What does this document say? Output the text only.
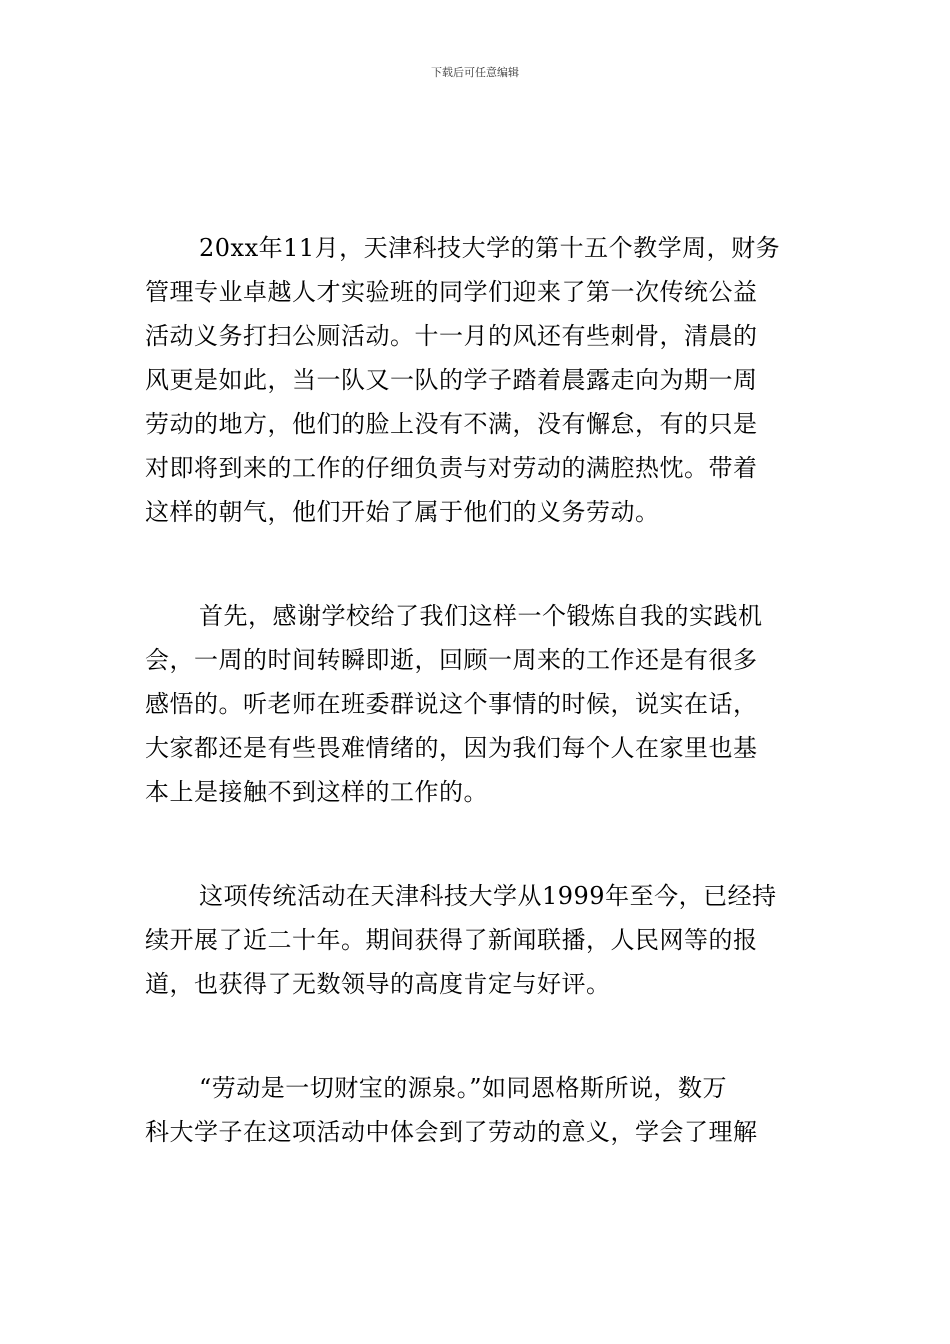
下载后可任意编辑

20xx年11月，天津科技大学的第十五个教学周，财务
管理专业卓越人才实验班的同学们迎来了第一次传统公益
活动义务打扫公厕活动。十一月的风还有些刺骨，清晨的
风更是如此，当一队又一队的学子踏着晨露走向为期一周
劳动的地方，他们的脸上没有不满，没有懈怠，有的只是
对即将到来的工作的仔细负责与对劳动的满腔热忱。带着
这样的朝气，他们开始了属于他们的义务劳动。

首先，感谢学校给了我们这样一个锻炼自我的实践机
会，一周的时间转瞬即逝，回顾一周来的工作还是有很多
感悟的。听老师在班委群说这个事情的时候，说实在话，
大家都还是有些畏难情绪的，因为我们每个人在家里也基
本上是接触不到这样的工作的。

这项传统活动在天津科技大学从1999年至今，已经持
续开展了近二十年。期间获得了新闻联播，人民网等的报
道，也获得了无数领导的高度肯定与好评。

“劳动是一切财宝的源泉。”如同恩格斯所说，数万
科大学子在这项活动中体会到了劳动的意义，学会了理解
